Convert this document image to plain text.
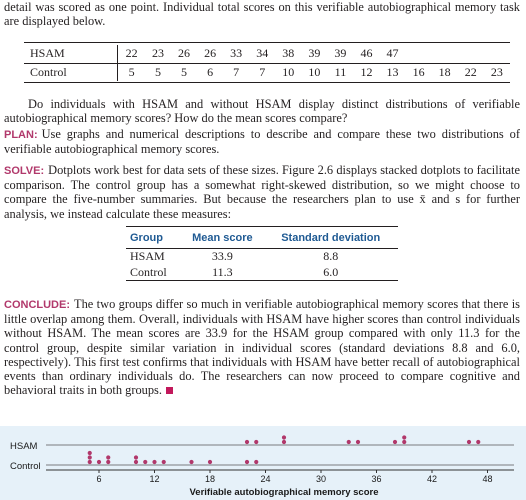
detail was scored as one point. Individual total scores on this verifiable autobiographical memory task are displayed below.

HSAM	22	23	26	26	33	34	38	39	39	46	47				
Control	5	5	5	6	7	7	10	10	11	12	13	16	18	22	23

Do individuals with HSAM and without HSAM display distinct distributions of verifiable autobiographical memory scores? How do the mean scores compare?

PLAN: Use graphs and numerical descriptions to describe and compare these two distributions of verifiable autobiographical memory scores.

SOLVE: Dotplots work best for data sets of these sizes. Figure 2.6 displays stacked dotplots to facilitate comparison. The control group has a somewhat right-skewed distribution, so we might choose to compare the five-number summaries. But because the researchers plan to use x̄ and s for further analysis, we instead calculate these measures:

Group	Mean score	Standard deviation
HSAM	33.9	8.8
Control	11.3	6.0

CONCLUDE: The two groups differ so much in verifiable autobiographical memory scores that there is little overlap among them. Overall, individuals with HSAM have higher scores than control individuals without HSAM. The mean scores are 33.9 for the HSAM group compared with only 11.3 for the control group, despite similar variation in individual scores (standard deviations 8.8 and 6.0, respectively). This first test confirms that individuals with HSAM have better recall of autobiographical events than ordinary individuals do. The researchers can now proceed to compare cognitive and behavioral traits in both groups.

HSAM
Control
6	12	18	24	30	36	42	48
Verifiable autobiographical memory score
